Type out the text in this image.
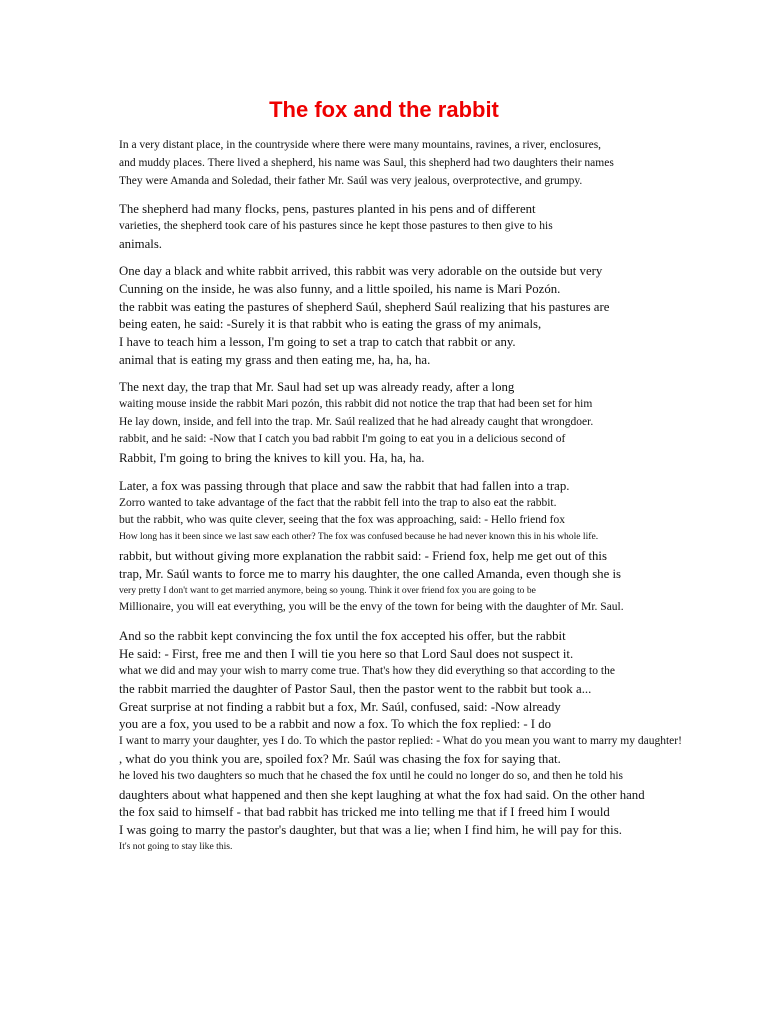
The fox and the rabbit

In a very distant place, in the countryside where there were many mountains, ravines, a river, enclosures,

and muddy places. There lived a shepherd, his name was Saul, this shepherd had two daughters their names

They were Amanda and Soledad, their father Mr. Saúl was very jealous, overprotective, and grumpy.

The shepherd had many flocks, pens, pastures planted in his pens and of different

varieties, the shepherd took care of his pastures since he kept those pastures to then give to his

animals.

One day a black and white rabbit arrived, this rabbit was very adorable on the outside but very

Cunning on the inside, he was also funny, and a little spoiled, his name is Mari Pozón.

the rabbit was eating the pastures of shepherd Saúl, shepherd Saúl realizing that his pastures are

being eaten, he said: -Surely it is that rabbit who is eating the grass of my animals,

I have to teach him a lesson, I'm going to set a trap to catch that rabbit or any.

animal that is eating my grass and then eating me, ha, ha, ha.

The next day, the trap that Mr. Saul had set up was already ready, after a long

waiting mouse inside the rabbit Mari pozón, this rabbit did not notice the trap that had been set for him

He lay down, inside, and fell into the trap. Mr. Saúl realized that he had already caught that wrongdoer.

rabbit, and he said: -Now that I catch you bad rabbit I'm going to eat you in a delicious second of

Rabbit, I'm going to bring the knives to kill you. Ha, ha, ha.

Later, a fox was passing through that place and saw the rabbit that had fallen into a trap.

Zorro wanted to take advantage of the fact that the rabbit fell into the trap to also eat the rabbit.

but the rabbit, who was quite clever, seeing that the fox was approaching, said: - Hello friend fox

How long has it been since we last saw each other? The fox was confused because he had never known this in his whole life.

rabbit, but without giving more explanation the rabbit said: - Friend fox, help me get out of this

trap, Mr. Saúl wants to force me to marry his daughter, the one called Amanda, even though she is

very pretty I don't want to get married anymore, being so young. Think it over friend fox you are going to be

Millionaire, you will eat everything, you will be the envy of the town for being with the daughter of Mr. Saul.

And so the rabbit kept convincing the fox until the fox accepted his offer, but the rabbit

He said: - First, free me and then I will tie you here so that Lord Saul does not suspect it.

what we did and may your wish to marry come true. That's how they did everything so that according to the

the rabbit married the daughter of Pastor Saul, then the pastor went to the rabbit but took a...

Great surprise at not finding a rabbit but a fox, Mr. Saúl, confused, said: -Now already

you are a fox, you used to be a rabbit and now a fox. To which the fox replied: - I do

I want to marry your daughter, yes I do. To which the pastor replied: - What do you mean you want to marry my daughter!

, what do you think you are, spoiled fox? Mr. Saúl was chasing the fox for saying that.

he loved his two daughters so much that he chased the fox until he could no longer do so, and then he told his

daughters about what happened and then she kept laughing at what the fox had said. On the other hand

the fox said to himself - that bad rabbit has tricked me into telling me that if I freed him I would

I was going to marry the pastor's daughter, but that was a lie; when I find him, he will pay for this.

It's not going to stay like this.
